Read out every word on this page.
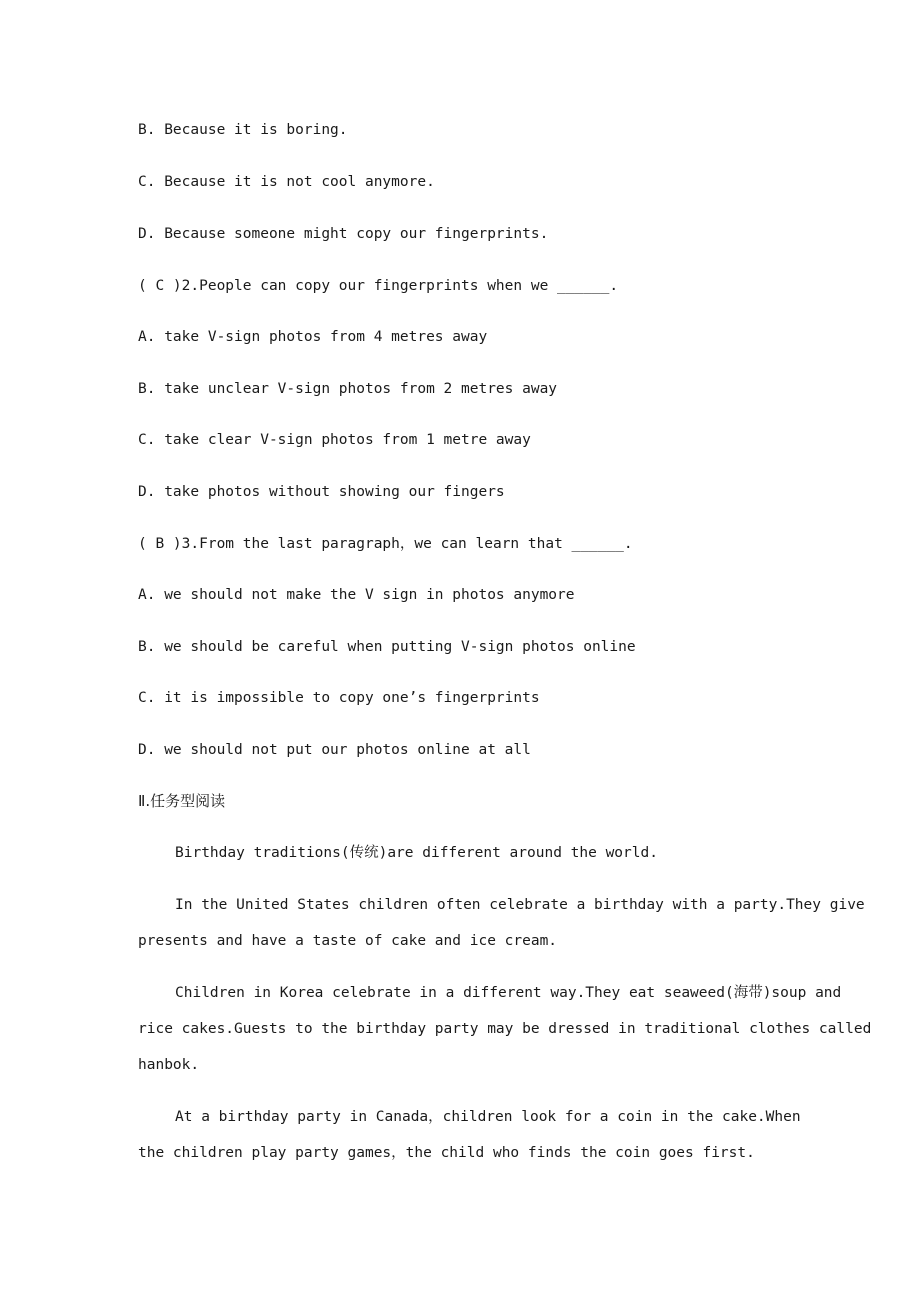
B. Because it is boring.
C. Because it is not cool anymore.
D. Because someone might copy our fingerprints.
( C )2.People can copy our fingerprints when we ______.
A. take V-sign photos from 4 metres away
B. take unclear V-sign photos from 2 metres away
C. take clear V-sign photos from 1 metre away
D. take photos without showing our fingers
( B )3.From the last paragraph，we can learn that ______.
A. we should not make the V sign in photos anymore
B. we should be careful when putting V-sign photos online
C. it is impossible to copy one’s fingerprints
D. we should not put our photos online at all
Ⅱ.任务型阅读
Birthday traditions(传统)are different around the world.
In the United States children often celebrate a birthday with a party.They give
presents and have a taste of cake and ice cream.
Children in Korea celebrate in a different way.They eat seaweed(海带)soup and
rice cakes.Guests to the birthday party may be dressed in traditional clothes called
hanbok.
At a birthday party in Canada，children look for a coin in the cake.When
the children play party games，the child who finds the coin goes first.
